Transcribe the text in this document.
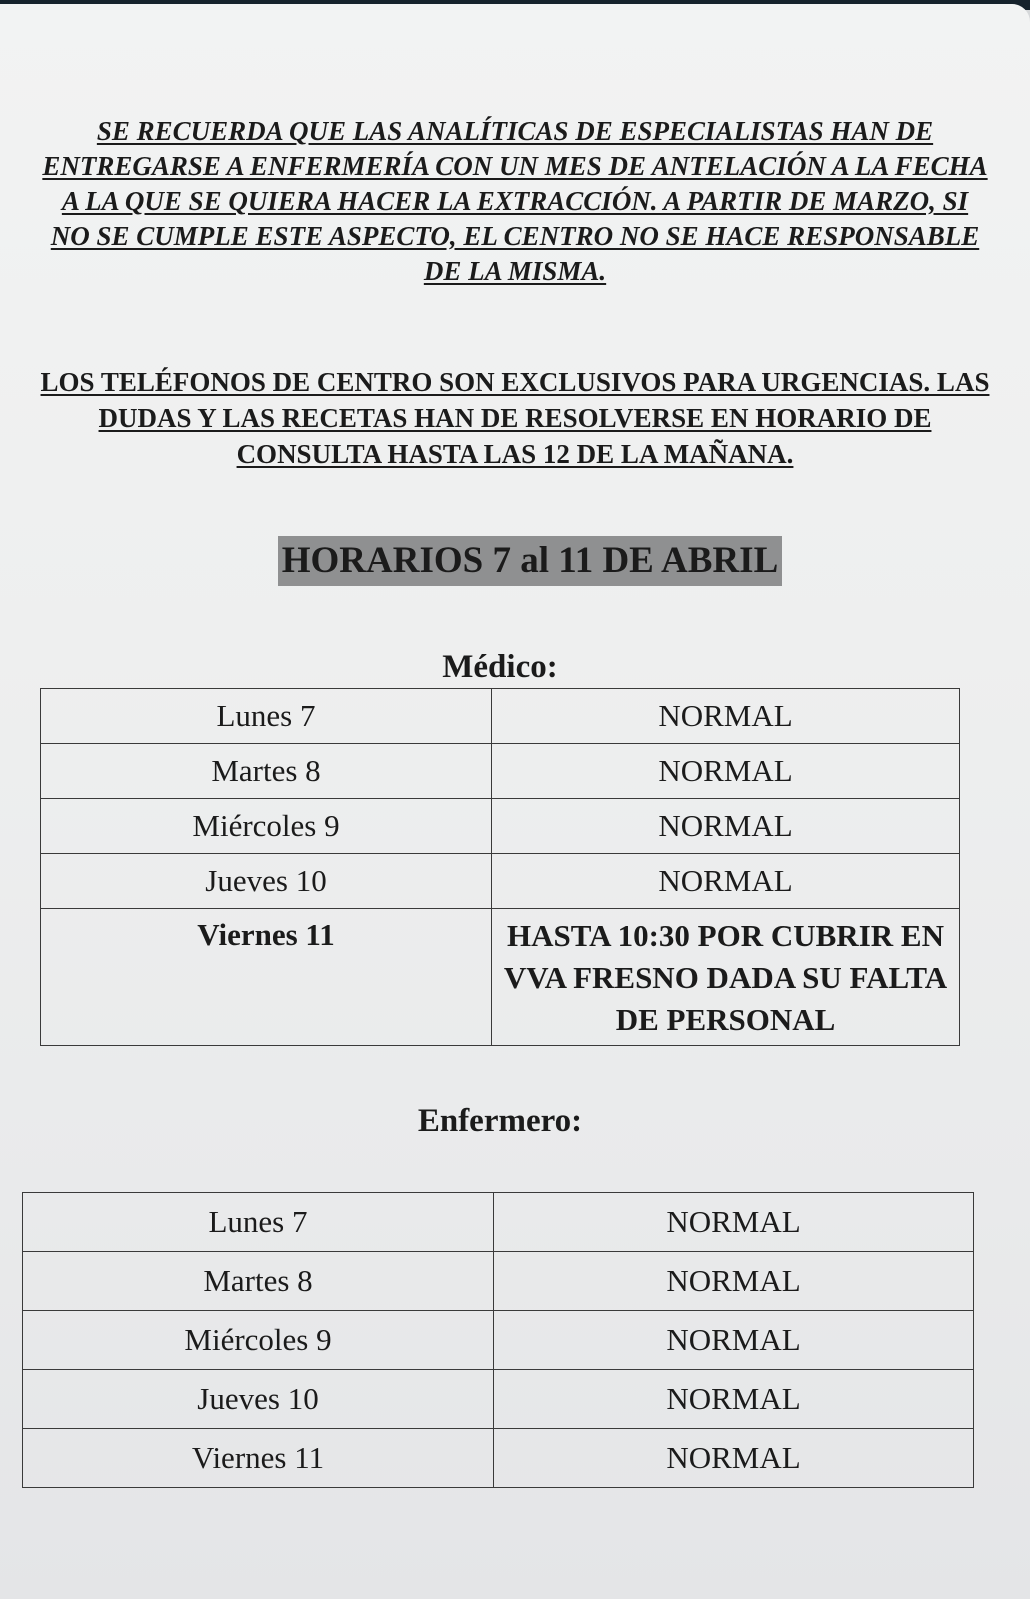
SE RECUERDA QUE LAS ANALÍTICAS DE ESPECIALISTAS HAN DE ENTREGARSE A ENFERMERÍA CON UN MES DE ANTELACIÓN A LA FECHA A LA QUE SE QUIERA HACER LA EXTRACCIÓN. A PARTIR DE MARZO, SI NO SE CUMPLE ESTE ASPECTO, EL CENTRO NO SE HACE RESPONSABLE DE LA MISMA.

LOS TELÉFONOS DE CENTRO SON EXCLUSIVOS PARA URGENCIAS. LAS DUDAS Y LAS RECETAS HAN DE RESOLVERSE EN HORARIO DE CONSULTA HASTA LAS 12 DE LA MAÑANA.

HORARIOS 7 al 11 DE ABRIL
Médico:
Lunes 7	NORMAL
Martes 8	NORMAL
Miércoles 9	NORMAL
Jueves 10	NORMAL
Viernes 11	HASTA 10:30 POR CUBRIR EN VVA FRESNO DADA SU FALTA DE PERSONAL
Enfermero:
Lunes 7	NORMAL
Martes 8	NORMAL
Miércoles 9	NORMAL
Jueves 10	NORMAL
Viernes 11	NORMAL
